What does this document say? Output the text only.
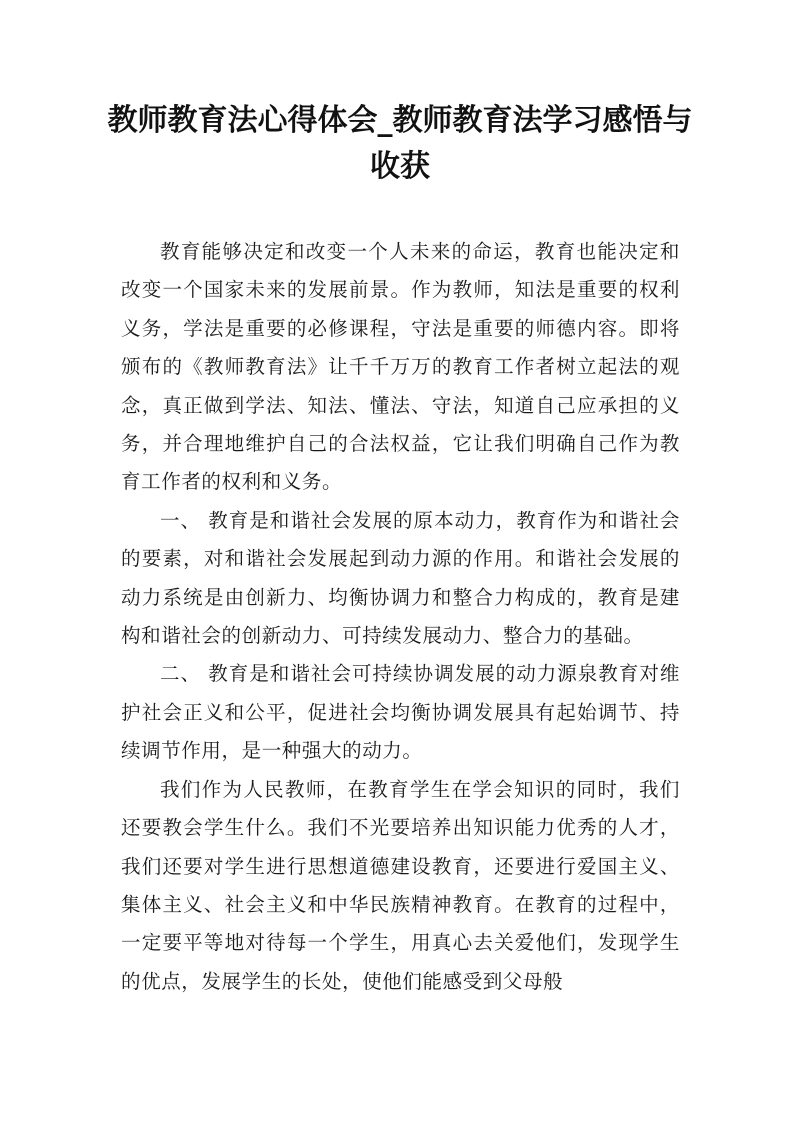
教师教育法心得体会_教师教育法学习感悟与收获

教育能够决定和改变一个人未来的命运，教育也能决定和改变一个国家未来的发展前景。作为教师，知法是重要的权利义务，学法是重要的必修课程，守法是重要的师德内容。即将颁布的《教师教育法》让千千万万的教育工作者树立起法的观念，真正做到学法、知法、懂法、守法，知道自己应承担的义务，并合理地维护自己的合法权益，它让我们明确自己作为教育工作者的权利和义务。

一、 教育是和谐社会发展的原本动力，教育作为和谐社会的要素，对和谐社会发展起到动力源的作用。和谐社会发展的动力系统是由创新力、均衡协调力和整合力构成的，教育是建构和谐社会的创新动力、可持续发展动力、整合力的基础。

二、 教育是和谐社会可持续协调发展的动力源泉教育对维护社会正义和公平，促进社会均衡协调发展具有起始调节、持续调节作用，是一种强大的动力。

我们作为人民教师，在教育学生在学会知识的同时，我们还要教会学生什么。我们不光要培养出知识能力优秀的人才，我们还要对学生进行思想道德建设教育，还要进行爱国主义、集体主义、社会主义和中华民族精神教育。在教育的过程中，一定要平等地对待每一个学生，用真心去关爱他们，发现学生的优点，发展学生的长处，使他们能感受到父母般
